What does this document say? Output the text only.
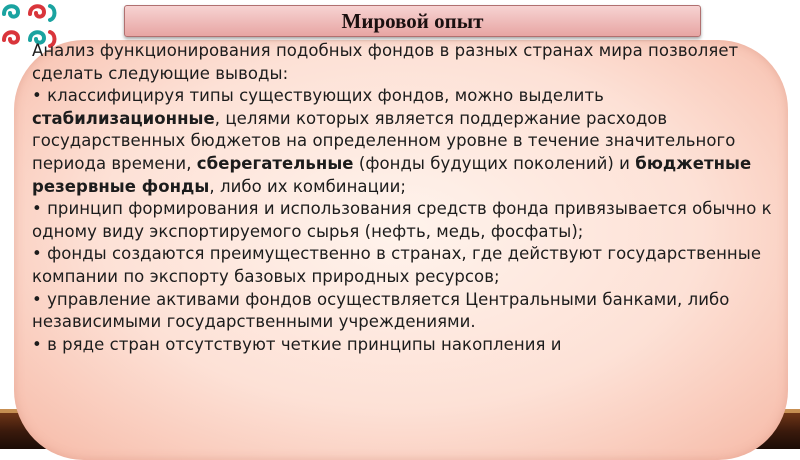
Мировой опыт

Анализ функционирования подобных фондов в разных странах мира позволяет сделать следующие выводы:

• классифицируя типы существующих фондов, можно выделить стабилизационные, целями которых является поддержание расходов государственных бюджетов на определенном уровне в течение значительного периода времени, сберегательные (фонды будущих поколений) и бюджетные резервные фонды, либо их комбинации;

• принцип формирования и использования средств фонда привязывается обычно к одному виду экспортируемого сырья (нефть, медь, фосфаты);

• фонды создаются преимущественно в странах, где действуют государственные компании по экспорту базовых природных ресурсов;

• управление активами фондов осуществляется Центральными банками, либо независимыми государственными учреждениями.

• в ряде стран отсутствуют четкие принципы накопления и
